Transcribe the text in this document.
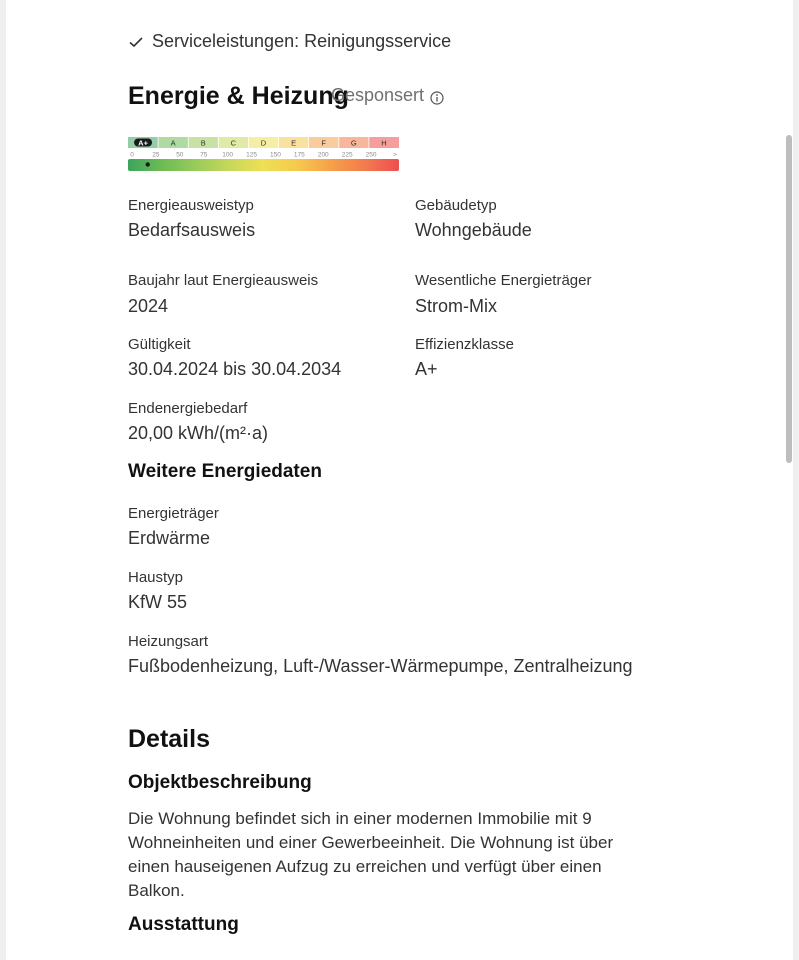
Serviceleistungen: Reinigungsservice
Energie & Heizung
Gesponsert
A+	A	B	C	D	E	F	G	H
0	25	50	75 100 125 150 175 200 225 250	>
Energieausweistyp
Bedarfsausweis
Gebäudetyp
Wohngebäude
Baujahr laut Energieausweis
2024
Wesentliche Energieträger
Strom-Mix
Gültigkeit
30.04.2024 bis 30.04.2034
Effizienzklasse
A+
Endenergiebedarf
20,00 kWh/(m²·a)
Weitere Energiedaten
Energieträger
Erdwärme
Haustyp
KfW 55
Heizungsart
Fußbodenheizung, Luft-/Wasser-Wärmepumpe, Zentralheizung
Details
Objektbeschreibung
Die Wohnung befindet sich in einer modernen Immobilie mit 9 Wohneinheiten und einer Gewerbeeinheit. Die Wohnung ist über einen hauseigenen Aufzug zu erreichen und verfügt über einen Balkon.
Ausstattung
